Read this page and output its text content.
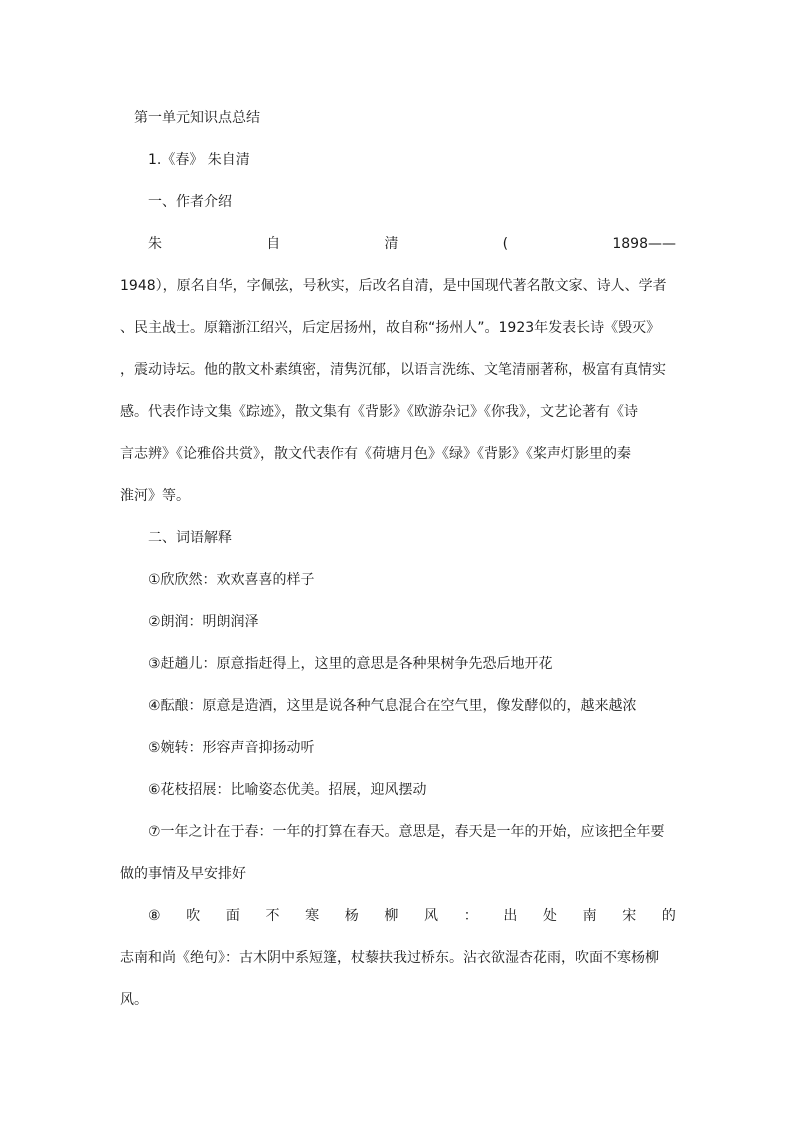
第一单元知识点总结
1.《春》 朱自清
一、作者介绍
朱	自	清	(	1898——
1948），原名自华，字佩弦，号秋实，后改名自清，是中国现代著名散文家、诗人、学者
、民主战士。原籍浙江绍兴，后定居扬州，故自称“扬州人”。1923年发表长诗《毁灭》
，震动诗坛。他的散文朴素缜密，清隽沉郁，以语言洗练、文笔清丽著称，极富有真情实
感。代表作诗文集《踪迹》，散文集有《背影》《欧游杂记》《你我》，文艺论著有《诗
言志辨》《论雅俗共赏》，散文代表作有《荷塘月色》《绿》《背影》《桨声灯影里的秦
淮河》等。
二、词语解释
①欣欣然：欢欢喜喜的样子
②朗润：明朗润泽
③赶趟儿：原意指赶得上，这里的意思是各种果树争先恐后地开花
④酝酿：原意是造酒，这里是说各种气息混合在空气里，像发酵似的，越来越浓
⑤婉转：形容声音抑扬动听
⑥花枝招展：比喻姿态优美。招展，迎风摆动
⑦一年之计在于春：一年的打算在春天。意思是，春天是一年的开始，应该把全年要
做的事情及早安排好
⑧ 吹 面 不 寒 杨 柳 风 ： 出 处 南 宋 的
志南和尚《绝句》：古木阴中系短篷，杖藜扶我过桥东。沾衣欲湿杏花雨，吹面不寒杨柳
风。
